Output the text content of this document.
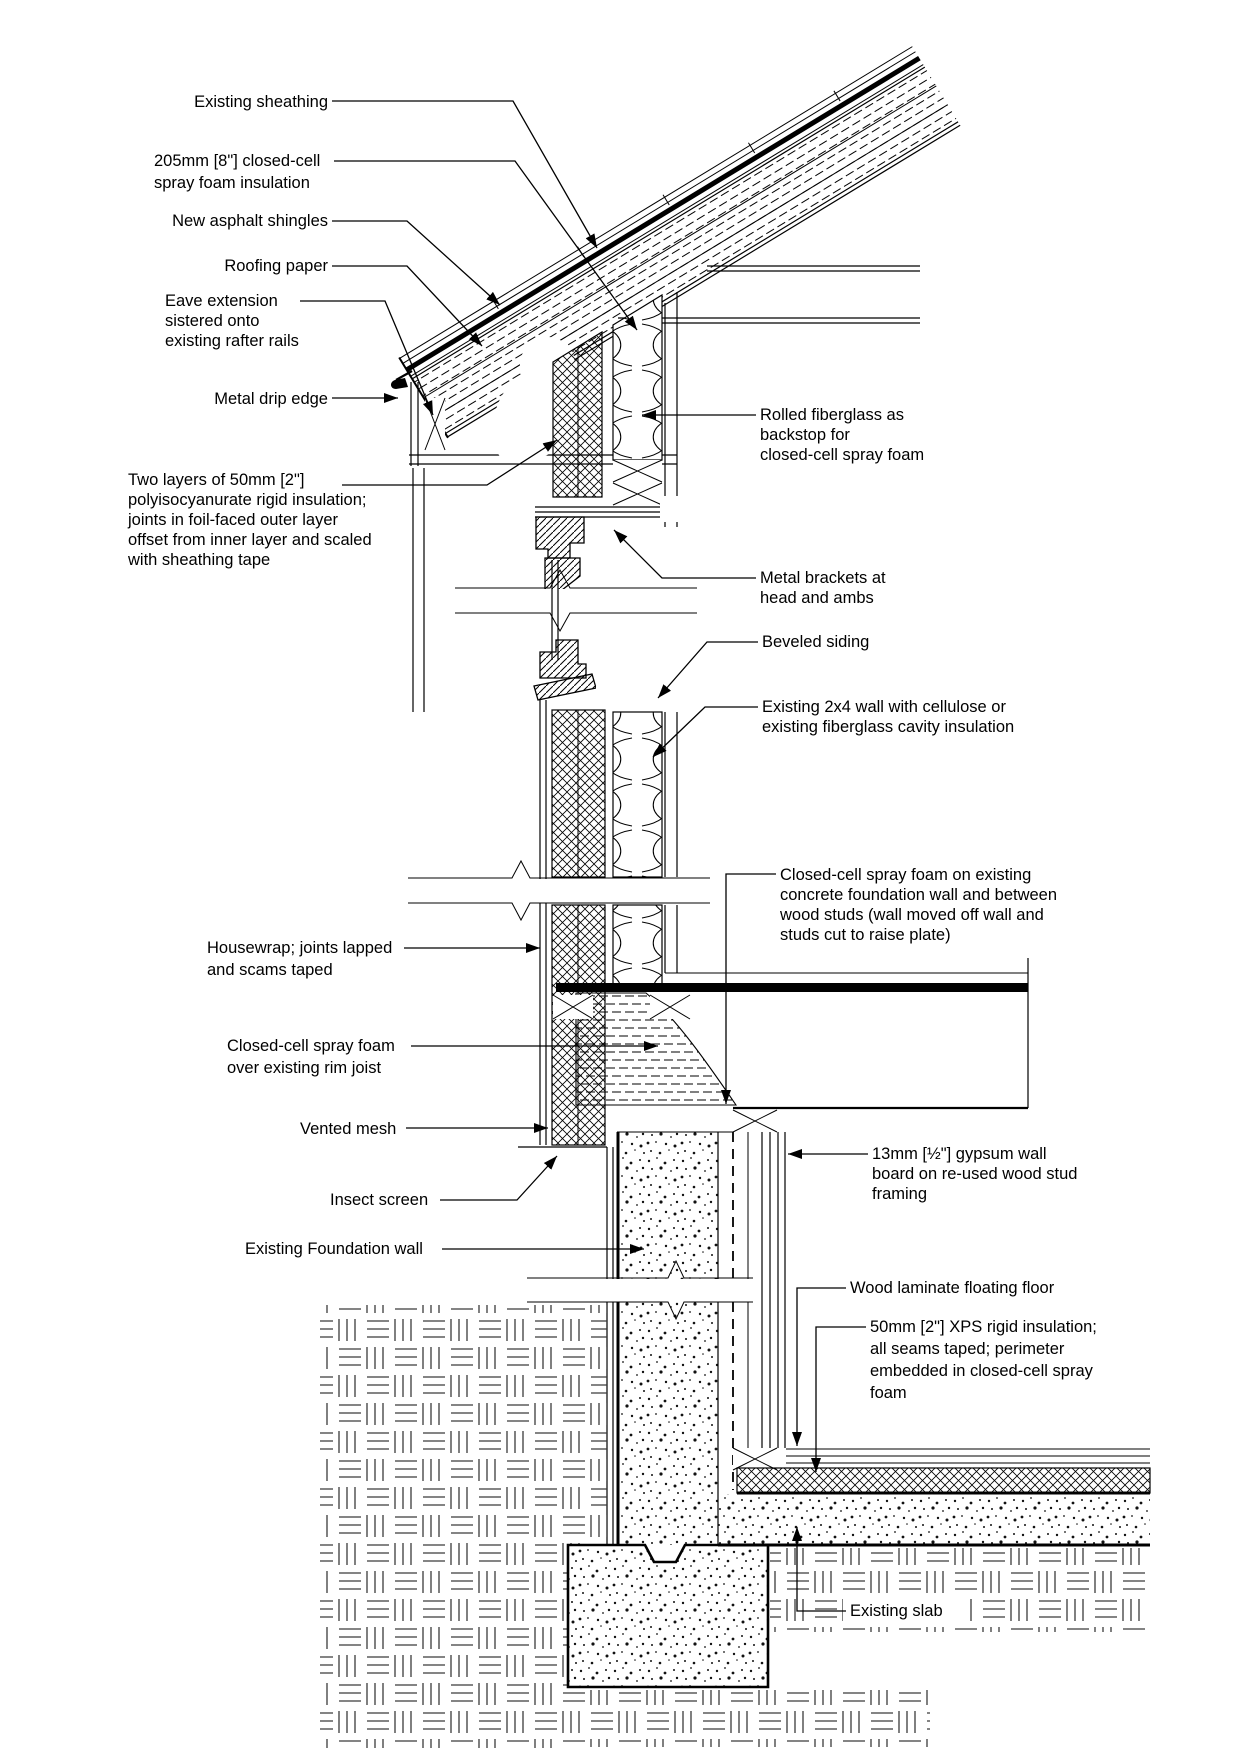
Existing sheathing
205mm [8"] closed-cell
spray foam insulation
New asphalt shingles
Roofing paper
Eave extension
sistered onto
existing rafter rails
Metal drip edge
Two layers of 50mm [2"]
polyisocyanurate rigid insulation;
joints in foil-faced outer layer
offset from inner layer and scaled
with sheathing tape
Rolled fiberglass as
backstop for
closed-cell spray foam
Metal brackets at
head and ambs
Beveled siding
Existing 2x4 wall with cellulose or
existing fiberglass cavity insulation
Closed-cell spray foam on existing
concrete foundation wall and between
wood studs (wall moved off wall and
studs cut to raise plate)
Housewrap; joints lapped
and scams taped
Closed-cell spray foam
over existing rim joist
Vented mesh
Insect screen
Existing Foundation wall
13mm [½"] gypsum wall
board on re-used wood stud
framing
Wood laminate floating floor
50mm [2"] XPS rigid insulation;
all seams taped; perimeter
embedded in closed-cell spray
foam
Existing slab
